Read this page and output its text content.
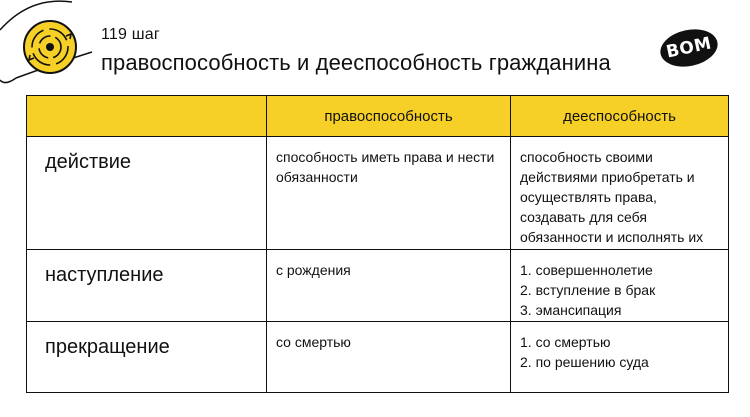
119 шаг
правоспособность и дееспособность гражданина	ВОМ
	правоспособность	дееспособность
действие	способность иметь права и нести обязанности	способность своими действиями приобретать и осуществлять права, создавать для себя обязанности и исполнять их
наступление	с рождения	1. совершеннолетие
2. вступление в брак
3. эмансипация
прекращение	со смертью	1. со смертью
2. по решению суда
